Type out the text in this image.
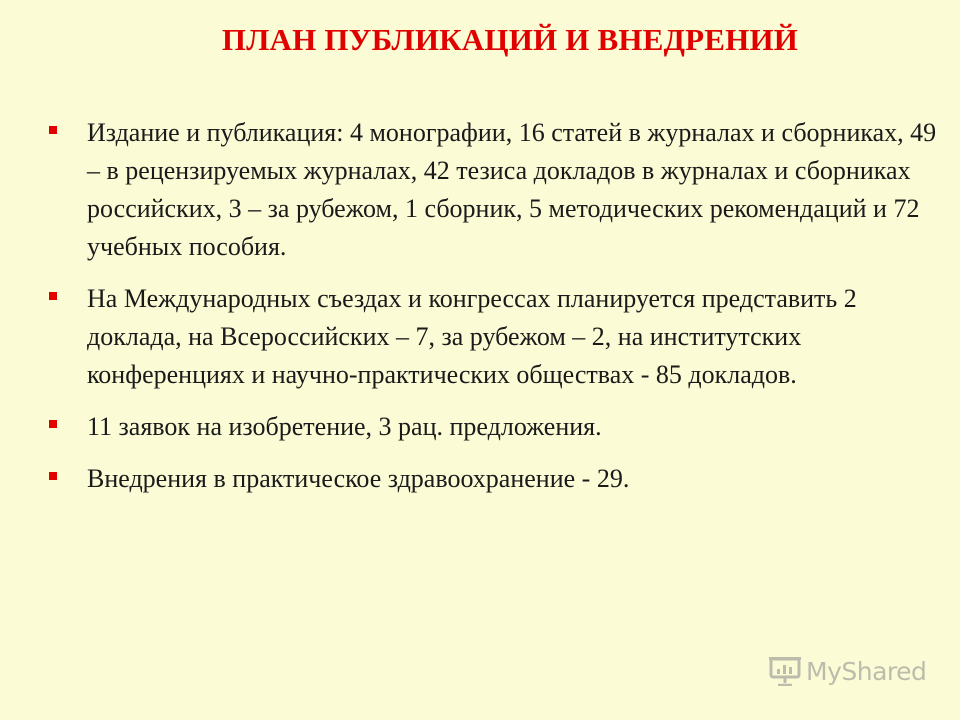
ПЛАН ПУБЛИКАЦИЙ И ВНЕДРЕНИЙ
Издание и публикация: 4 монографии, 16 статей в журналах и сборниках, 49 – в рецензируемых журналах, 42 тезиса докладов в журналах и сборниках российских, 3 – за рубежом, 1 сборник, 5 методических рекомендаций и 72 учебных пособия.
На Международных съездах и конгрессах планируется представить 2 доклада, на Всероссийских – 7, за рубежом – 2, на институтских конференциях и научно-практических обществах - 85 докладов.
11 заявок на изобретение, 3 рац. предложения.
Внедрения в практическое здравоохранение - 29.
MyShared
